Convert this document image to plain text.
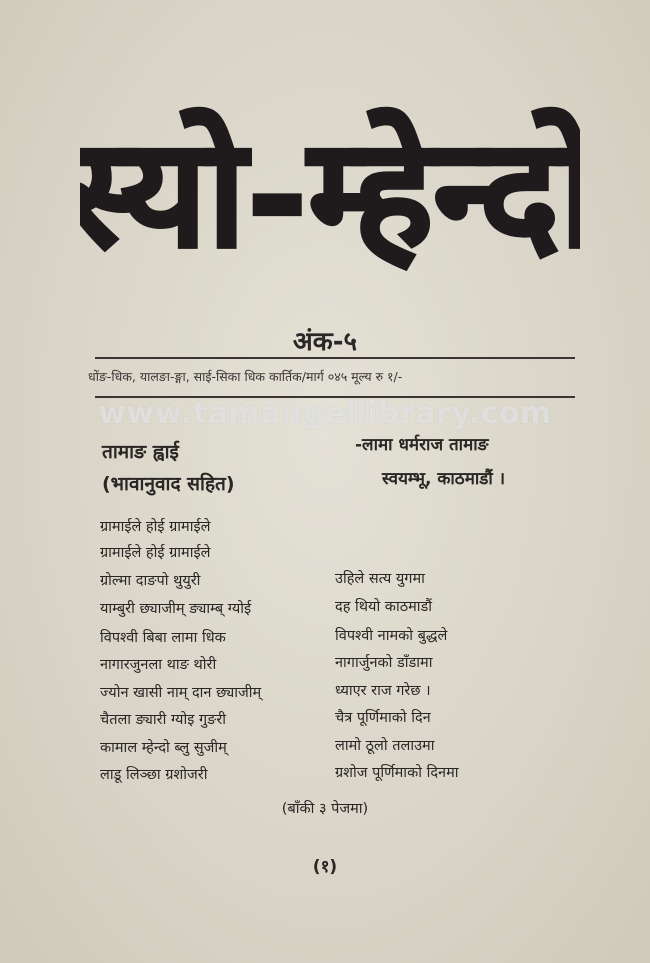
स्यो-म्हेन्दो
अंक-५
धोंङ-धिक, यालङा-ङ्गा, साई-सिका धिक कार्तिक/मार्ग ०४५ मूल्य रु १/-
www.tamangellibrary.com
तामाङ ह्वाई
(भावानुवाद सहित)
-लामा धर्मराज तामाङ
स्वयम्भू, काठमाडौं ।
ग्रामाईले होई ग्रामाईले
ग्रामाईले होई ग्रामाईले
ग्रोल्मा दाङपो थुयुरी	उहिले सत्य युगमा
याम्बुरी छ्याजीम् ङ्याम्ब् ग्योई	दह थियो काठमाडौं
विपश्वी बिबा लामा धिक	विपश्वी नामको बुद्धले
नागारजुनला थाङ थोरी	नागार्जुनको डाँडामा
ज्योन खासी नाम् दान छ्याजीम्	ध्याएर राज गरेछ ।
चैतला ङ्यारी ग्योइ गुङरी	चैत्र पूर्णिमाको दिन
कामाल म्हेन्दो ब्लु सुजीम्	लामो ठूलो तलाउमा
लाडू लिञ्छा ग्रशोजरी	ग्रशोज पूर्णिमाको दिनमा
(बाँकी ३ पेजमा)
(१)
